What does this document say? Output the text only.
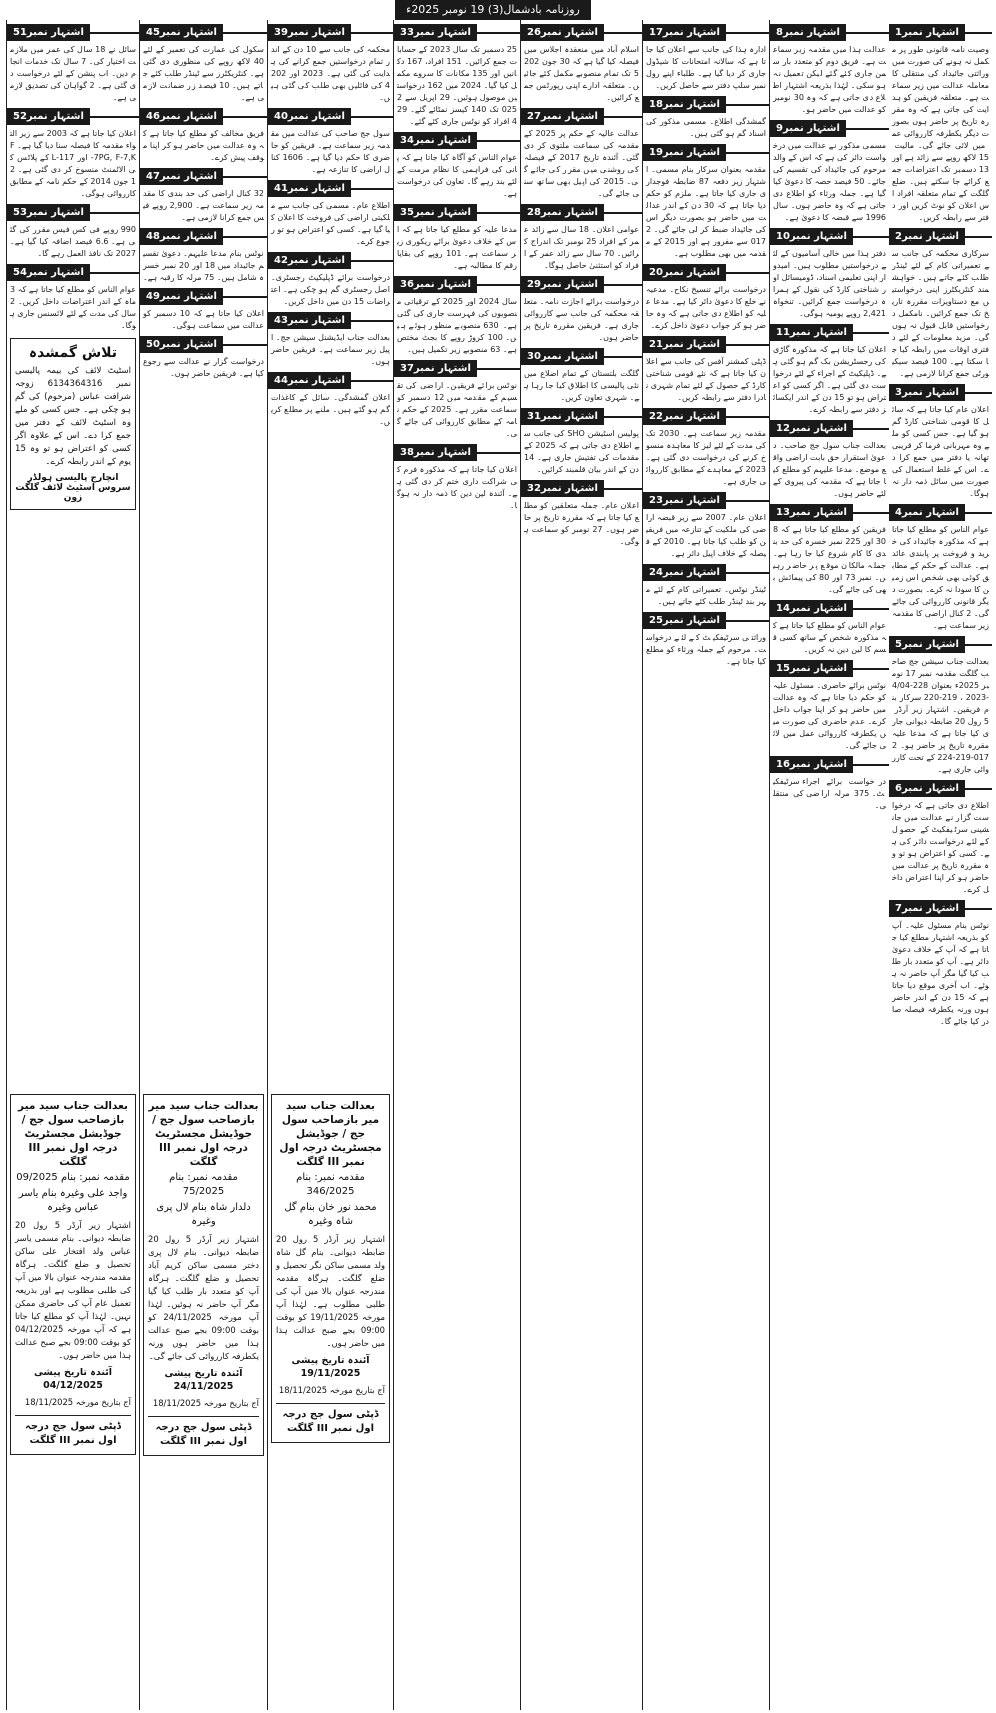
روزنامہ بادشمال(3) 19 نومبر 2025ء
اشتہار نمبر1
وصیت نامہ قانونی طور پر مکمل نہ ہونے کی صورت میں وراثتی جائیداد کی منتقلی کا معاملہ عدالت میں زیر سماعت ہے۔ متعلقہ فریقین کو ہدایت کی جاتی ہے کہ وہ مقررہ تاریخ پر حاضر ہوں بصورت دیگر یکطرفہ کارروائی عمل میں لائی جائے گی۔ مالیت 15 لاکھ روپے سے زائد ہے اور 13 دسمبر تک اعتراضات جمع کرائے جا سکتے ہیں۔ ضلع گلگت کے تمام متعلقہ افراد اس اعلان کو نوٹ کریں اور دفتر سے رابطہ کریں۔
اشتہار نمبر2
سرکاری محکمہ کی جانب سے تعمیراتی کام کے لئے ٹینڈر طلب کئے جاتے ہیں۔ خواہشمند کنٹریکٹرز اپنی درخواستیں مع دستاویزات مقررہ تاریخ تک جمع کرائیں۔ نامکمل درخواستیں قابل قبول نہ ہوں گی۔ مزید معلومات کے لئے دفتری اوقات میں رابطہ کیا جا سکتا ہے۔ 100 فیصد سیکیورٹی جمع کرانا لازمی ہے۔
اشتہار نمبر3
اعلان عام کیا جاتا ہے کہ سائل کا قومی شناختی کارڈ گم ہو گیا ہے۔ جس کسی کو ملے وہ مہربانی فرما کر قریبی تھانہ یا دفتر میں جمع کرا دے۔ اس کے غلط استعمال کی صورت میں سائل ذمہ دار نہ ہوگا۔
اشتہار نمبر4
عوام الناس کو مطلع کیا جاتا ہے کہ مذکورہ جائیداد کی خرید و فروخت پر پابندی عائد ہے۔ عدالت کے حکم کے مطابق کوئی بھی شخص اس زمین کا سودا نہ کرے۔ بصورت دیگر قانونی کارروائی کی جائے گی۔ 2 کنال اراضی کا مقدمہ زیر سماعت ہے۔
اشتہار نمبر5
بعدالت جناب سیشن جج صاحب گلگت مقدمہ نمبر 17 نومبر 2025ء بعنوان 228-4/04-2023 ، 219-220 سرکار بنام فریقین۔ اشتہار زیر آرڈر 5 رول 20 ضابطہ دیوانی جاری کیا جاتا ہے کہ مدعا علیہ مقررہ تاریخ پر حاضر ہو۔ 2017-219-224 کے تحت کارروائی جاری ہے۔
اشتہار نمبر6
اطلاع دی جاتی ہے کہ درخواست گزار نے عدالت میں جانشینی سرٹیفکیٹ کے حصول کے لئے درخواست دائر کی ہے۔ کسی کو اعتراض ہو تو وہ مقررہ تاریخ پر عدالت میں حاضر ہو کر اپنا اعتراض داخل کرے۔
اشتہار نمبر7
نوٹس بنام مسئول علیہ۔ آپ کو بذریعہ اشتہار مطلع کیا جاتا ہے کہ آپ کے خلاف دعویٰ دائر ہے۔ آپ کو متعدد بار طلب کیا گیا مگر آپ حاضر نہ ہوئے۔ اب آخری موقع دیا جاتا ہے کہ 15 دن کے اندر حاضر ہوں ورنہ یکطرفہ فیصلہ صادر کیا جائے گا۔
اشتہار نمبر8
عدالت ہذا میں مقدمہ زیر سماعت ہے۔ فریق دوم کو متعدد بار سمن جاری کئے گئے لیکن تعمیل نہ ہو سکی۔ لہٰذا بذریعہ اشتہار اطلاع دی جاتی ہے کہ وہ 30 نومبر کو عدالت میں حاضر ہو۔
اشتہار نمبر9
مسمی مذکور نے عدالت میں درخواست دائر کی ہے کہ اس کے والد مرحوم کی جائیداد کی تقسیم کی جائے۔ 50 فیصد حصہ کا دعویٰ کیا گیا ہے۔ جملہ ورثاء کو اطلاع دی جاتی ہے کہ وہ حاضر ہوں۔ سال 1996 سے قبضہ کا دعویٰ ہے۔
اشتہار نمبر10
دفتر ہذا میں خالی آسامیوں کے لئے درخواستیں مطلوب ہیں۔ امیدوار اپنی تعلیمی اسناد، ڈومیسائل اور شناختی کارڈ کی نقول کے ہمراہ درخواست جمع کرائیں۔ تنخواہ 2,421 روپے یومیہ ہوگی۔
اشتہار نمبر11
اعلان کیا جاتا ہے کہ مذکورہ گاڑی کی رجسٹریشن بک گم ہو گئی ہے۔ ڈپلیکیٹ کے اجراء کے لئے درخواست دی گئی ہے۔ اگر کسی کو اعتراض ہو تو 15 دن کے اندر ایکسائز دفتر سے رابطہ کرے۔
اشتہار نمبر12
بعدالت جناب سول جج صاحب۔ دعویٰ استقرار حق بابت اراضی واقع موضع۔ مدعا علیہم کو مطلع کیا جاتا ہے کہ مقدمہ کی پیروی کے لئے حاضر ہوں۔
اشتہار نمبر13
فریقین کو مطلع کیا جاتا ہے کہ 830 اور 225 نمبر خسرہ کی حد بندی کا کام شروع کیا جا رہا ہے۔ جملہ مالکان موقع پر حاضر رہیں۔ نمبر 73 اور 80 کی پیمائش بھی کی جائے گی۔
اشتہار نمبر14
عوام الناس کو مطلع کیا جاتا ہے کہ مذکورہ شخص کے ساتھ کسی قسم کا لین دین نہ کریں۔
اشتہار نمبر15
نوٹس برائے حاضری۔ مسئول علیہ کو حکم دیا جاتا ہے کہ وہ عدالت میں حاضر ہو کر اپنا جواب داخل کرے۔ عدم حاضری کی صورت میں یکطرفہ کارروائی عمل میں لائی جائے گی۔
اشتہار نمبر16
درخواست برائے اجراء سرٹیفکیٹ۔ 375 مرلہ اراضی کی منتقلی۔
اشتہار نمبر17
ادارہ ہذا کی جانب سے اعلان کیا جاتا ہے کہ سالانہ امتحانات کا شیڈول جاری کر دیا گیا ہے۔ طلباء اپنے رول نمبر سلپ دفتر سے حاصل کریں۔
اشتہار نمبر18
گمشدگی اطلاع۔ مسمی مذکور کی اسناد گم ہو گئی ہیں۔
اشتہار نمبر19
مقدمہ بعنوان سرکار بنام مسمی۔ اشتہار زیر دفعہ 87 ضابطہ فوجداری جاری کیا جاتا ہے۔ ملزم کو حکم دیا جاتا ہے کہ 30 دن کے اندر عدالت میں حاضر ہو بصورت دیگر اس کی جائیداد ضبط کر لی جائے گی۔ 2017 سے مفرور ہے اور 2015 کے مقدمہ میں بھی مطلوب ہے۔
اشتہار نمبر20
درخواست برائے تنسیخ نکاح۔ مدعیہ نے خلع کا دعویٰ دائر کیا ہے۔ مدعا علیہ کو اطلاع دی جاتی ہے کہ وہ حاضر ہو کر جواب دعویٰ داخل کرے۔
اشتہار نمبر21
ڈپٹی کمشنر آفس کی جانب سے اعلان کیا جاتا ہے کہ نئے قومی شناختی کارڈ کے حصول کے لئے تمام شہری نادرا دفتر سے رابطہ کریں۔
اشتہار نمبر22
مقدمہ زیر سماعت ہے۔ 2030 تک کی مدت کے لئے لیز کا معاہدہ منسوخ کرنے کی درخواست دی گئی ہے۔ 2023 کے معاہدے کے مطابق کارروائی جاری ہے۔
اشتہار نمبر23
اعلان عام۔ 2007 سے زیر قبضہ اراضی کی ملکیت کے تنازعہ میں فریقین کو طلب کیا جاتا ہے۔ 2010 کے فیصلہ کے خلاف اپیل دائر ہے۔
اشتہار نمبر24
ٹینڈر نوٹس۔ تعمیراتی کام کے لئے مہر بند ٹینڈر طلب کئے جاتے ہیں۔
اشتہار نمبر25
وراثتی سرٹیفکیٹ کے لئے درخواست۔ مرحوم کے جملہ ورثاء کو مطلع کیا جاتا ہے۔
اشتہار نمبر26
اسلام آباد میں منعقدہ اجلاس میں فیصلہ کیا گیا ہے کہ 30 جون 2025 تک تمام منصوبے مکمل کئے جائیں۔ متعلقہ ادارے اپنی رپورٹس جمع کرائیں۔
اشتہار نمبر27
عدالت عالیہ کے حکم پر 2025 کے مقدمہ کی سماعت ملتوی کر دی گئی۔ آئندہ تاریخ 2017 کے فیصلہ کی روشنی میں مقرر کی جائے گی۔ 2015 کی اپیل بھی ساتھ سنی جائے گی۔
اشتہار نمبر28
عوامی اعلان۔ 18 سال سے زائد عمر کے افراد 25 نومبر تک اندراج کرائیں۔ 70 سال سے زائد عمر کے افراد کو استثنیٰ حاصل ہوگا۔
اشتہار نمبر29
درخواست برائے اجازت نامہ۔ متعلقہ محکمہ کی جانب سے کارروائی جاری ہے۔ فریقین مقررہ تاریخ پر حاضر ہوں۔
اشتہار نمبر30
گلگت بلتستان کے تمام اضلاع میں نئی پالیسی کا اطلاق کیا جا رہا ہے۔ شہری تعاون کریں۔
اشتہار نمبر31
پولیس اسٹیشن SHO کی جانب سے اطلاع دی جاتی ہے کہ 2025 کے مقدمات کی تفتیش جاری ہے۔ 14 دن کے اندر بیان قلمبند کرائیں۔
اشتہار نمبر32
اعلان عام۔ جملہ متعلقین کو مطلع کیا جاتا ہے کہ مقررہ تاریخ پر حاضر ہوں۔ 27 نومبر کو سماعت ہوگی۔
اشتہار نمبر33
25 دسمبر تک سال 2023 کے حسابات جمع کرائیں۔ 151 افراد، 167 دکانیں اور 135 مکانات کا سروے مکمل کیا گیا۔ 2024 میں 162 درخواستیں موصول ہوئیں۔ 29 اپریل سے 2025 تک 140 کیسز نمٹائے گئے۔ 294 افراد کو نوٹس جاری کئے گئے۔
اشتہار نمبر34
عوام الناس کو آگاہ کیا جاتا ہے کہ پانی کی فراہمی کا نظام مرمت کے لئے بند رہے گا۔ تعاون کی درخواست ہے۔
اشتہار نمبر35
مدعا علیہ کو مطلع کیا جاتا ہے کہ اس کے خلاف دعویٰ برائے ریکوری زیر سماعت ہے۔ 101 روپے کی بقایا رقم کا مطالبہ ہے۔
اشتہار نمبر36
سال 2024 اور 2025 کے ترقیاتی منصوبوں کی فہرست جاری کی گئی ہے۔ 630 منصوبے منظور ہوئے ہیں۔ 100 کروڑ روپے کا بجٹ مختص ہے۔ 63 منصوبے زیر تکمیل ہیں۔
اشتہار نمبر37
نوٹس برائے فریقین۔ اراضی کی تقسیم کے مقدمہ میں 12 دسمبر کو سماعت مقرر ہے۔ 2025 کے حکم نامہ کے مطابق کارروائی کی جائے گی۔
اشتہار نمبر38
اعلان کیا جاتا ہے کہ مذکورہ فرم کی شراکت داری ختم کر دی گئی ہے۔ آئندہ لین دین کا ذمہ دار نہ ہوگا۔
اشتہار نمبر39
محکمہ کی جانب سے 10 دن کے اندر تمام درخواستیں جمع کرانے کی ہدایت کی گئی ہے۔ 2023 اور 2024 کی فائلیں بھی طلب کی گئی ہیں۔
اشتہار نمبر40
سول جج صاحب کی عدالت میں مقدمہ زیر سماعت ہے۔ فریقین کو حاضری کا حکم دیا گیا ہے۔ 1606 کنال اراضی کا تنازعہ ہے۔
اشتہار نمبر41
اطلاع عام۔ مسمی کی جانب سے ملکیتی اراضی کی فروخت کا اعلان کیا گیا ہے۔ کسی کو اعتراض ہو تو رجوع کرے۔
اشتہار نمبر42
درخواست برائے ڈپلیکیٹ رجسٹری۔ اصل رجسٹری گم ہو چکی ہے۔ اعتراضات 15 دن میں داخل کریں۔
اشتہار نمبر43
بعدالت جناب ایڈیشنل سیشن جج۔ اپیل زیر سماعت ہے۔ فریقین حاضر ہوں۔
اشتہار نمبر44
اعلان گمشدگی۔ سائل کے کاغذات گم ہو گئے ہیں۔ ملنے پر مطلع کریں۔
بعدالت جناب سید میر بازصاحب سول جج / جوڈیشل مجسٹریٹ درجہ اول نمبر III گلگت
مقدمہ نمبر: بنام 346/2025
محمد نور خان بنام گل شاہ وغیرہ
اشتہار زیر آرڈر 5 رول 20 ضابطہ دیوانی۔ بنام گل شاہ ولد مسمی ساکن نگر تحصیل و ضلع گلگت۔ ہرگاہ مقدمہ مندرجہ عنوان بالا میں آپ کی طلبی مطلوب ہے۔ لہٰذا آپ مورخہ 19/11/2025 کو بوقت 09:00 بجے صبح عدالت ہذا میں حاضر ہوں۔
آئندہ تاریخ پیشی 19/11/2025
آج بتاریخ مورخہ 18/11/2025
ڈپٹی سول جج درجہ اول نمبر III گلگت
اشتہار نمبر45
سکول کی عمارت کی تعمیر کے لئے 40 لاکھ روپے کی منظوری دی گئی ہے۔ کنٹریکٹرز سے ٹینڈر طلب کئے جاتے ہیں۔ 10 فیصد زر ضمانت لازمی ہے۔
اشتہار نمبر46
فریق مخالف کو مطلع کیا جاتا ہے کہ وہ عدالت میں حاضر ہو کر اپنا موقف پیش کرے۔
اشتہار نمبر47
32 کنال اراضی کی حد بندی کا مقدمہ زیر سماعت ہے۔ 2,900 روپے فیس جمع کرانا لازمی ہے۔
اشتہار نمبر48
نوٹس بنام مدعا علیہم۔ دعویٰ تقسیم جائیداد میں 18 اور 20 نمبر خسرہ شامل ہیں۔ 75 مرلہ کا رقبہ ہے۔
اشتہار نمبر49
اعلان کیا جاتا ہے کہ 10 دسمبر کو عدالت میں سماعت ہوگی۔
اشتہار نمبر50
درخواست گزار نے عدالت سے رجوع کیا ہے۔ فریقین حاضر ہوں۔
بعدالت جناب سید میر بازصاحب سول جج / جوڈیشل مجسٹریٹ درجہ اول نمبر III گلگت
مقدمہ نمبر: بنام 75/2025
دلدار شاہ بنام لال پری وغیرہ
اشتہار زیر آرڈر 5 رول 20 ضابطہ دیوانی۔ بنام لال پری دختر مسمی ساکن کریم آباد تحصیل و ضلع گلگت۔ ہرگاہ آپ کو متعدد بار طلب کیا گیا مگر آپ حاضر نہ ہوئیں۔ لہٰذا آپ مورخہ 24/11/2025 کو بوقت 09:00 بجے صبح عدالت ہذا میں حاضر ہوں ورنہ یکطرفہ کارروائی کی جائے گی۔
آئندہ تاریخ پیشی 24/11/2025
آج بتاریخ مورخہ 18/11/2025
ڈپٹی سول جج درجہ اول نمبر III گلگت
اشتہار نمبر51
سائل نے 18 سال کی عمر میں ملازمت اختیار کی۔ 7 سال تک خدمات انجام دیں۔ اب پنشن کے لئے درخواست دی گئی ہے۔ 2 گواہان کی تصدیق لازمی ہے۔
اشتہار نمبر52
اعلان کیا جاتا ہے کہ 2003 سے زیر التواء مقدمہ کا فیصلہ سنا دیا گیا ہے۔ F-7PG, F-7,K اور 117-L کے پلاٹس کی الاٹمنٹ منسوخ کر دی گئی ہے۔ 21 جون 2014 کے حکم نامہ کے مطابق کارروائی ہوگی۔
اشتہار نمبر53
990 روپے فی کس فیس مقرر کی گئی ہے۔ 6.6 فیصد اضافہ کیا گیا ہے۔ 2027 تک نافذ العمل رہے گا۔
اشتہار نمبر54
عوام الناس کو مطلع کیا جاتا ہے کہ 3 ماہ کے اندر اعتراضات داخل کریں۔ 2 سال کی مدت کے لئے لائسنس جاری ہوگا۔
تلاش گمشدہ
اسٹیٹ لائف کی بیمہ پالیسی نمبر 6134364316 زوجہ شرافت عباس (مرحوم) کی گم ہو چکی ہے۔ جس کسی کو ملے وہ اسٹیٹ لائف کے دفتر میں جمع کرا دے۔ اس کے علاوہ اگر کسی کو اعتراض ہو تو وہ 15 یوم کے اندر رابطہ کرے۔
انچارج پالیسی ہولڈر سروس اسٹیٹ لائف گلگت زون
بعدالت جناب سید میر بازصاحب سول جج / جوڈیشل مجسٹریٹ درجہ اول نمبر III گلگت
مقدمہ نمبر: بنام 09/2025
واجد علی وغیرہ بنام یاسر عباس وغیرہ
اشتہار زیر آرڈر 5 رول 20 ضابطہ دیوانی۔ بنام مسمی یاسر عباس ولد افتخار علی ساکن تحصیل و ضلع گلگت۔ ہرگاہ مقدمہ مندرجہ عنوان بالا میں آپ کی طلبی مطلوب ہے اور بذریعہ تعمیل عام آپ کی حاضری ممکن نہیں۔ لہٰذا آپ کو مطلع کیا جاتا ہے کہ آپ مورخہ 04/12/2025 کو بوقت 09:00 بجے صبح عدالت ہذا میں حاضر ہوں۔
آئندہ تاریخ پیشی 04/12/2025
آج بتاریخ مورخہ 18/11/2025
ڈپٹی سول جج درجہ اول نمبر III گلگت
